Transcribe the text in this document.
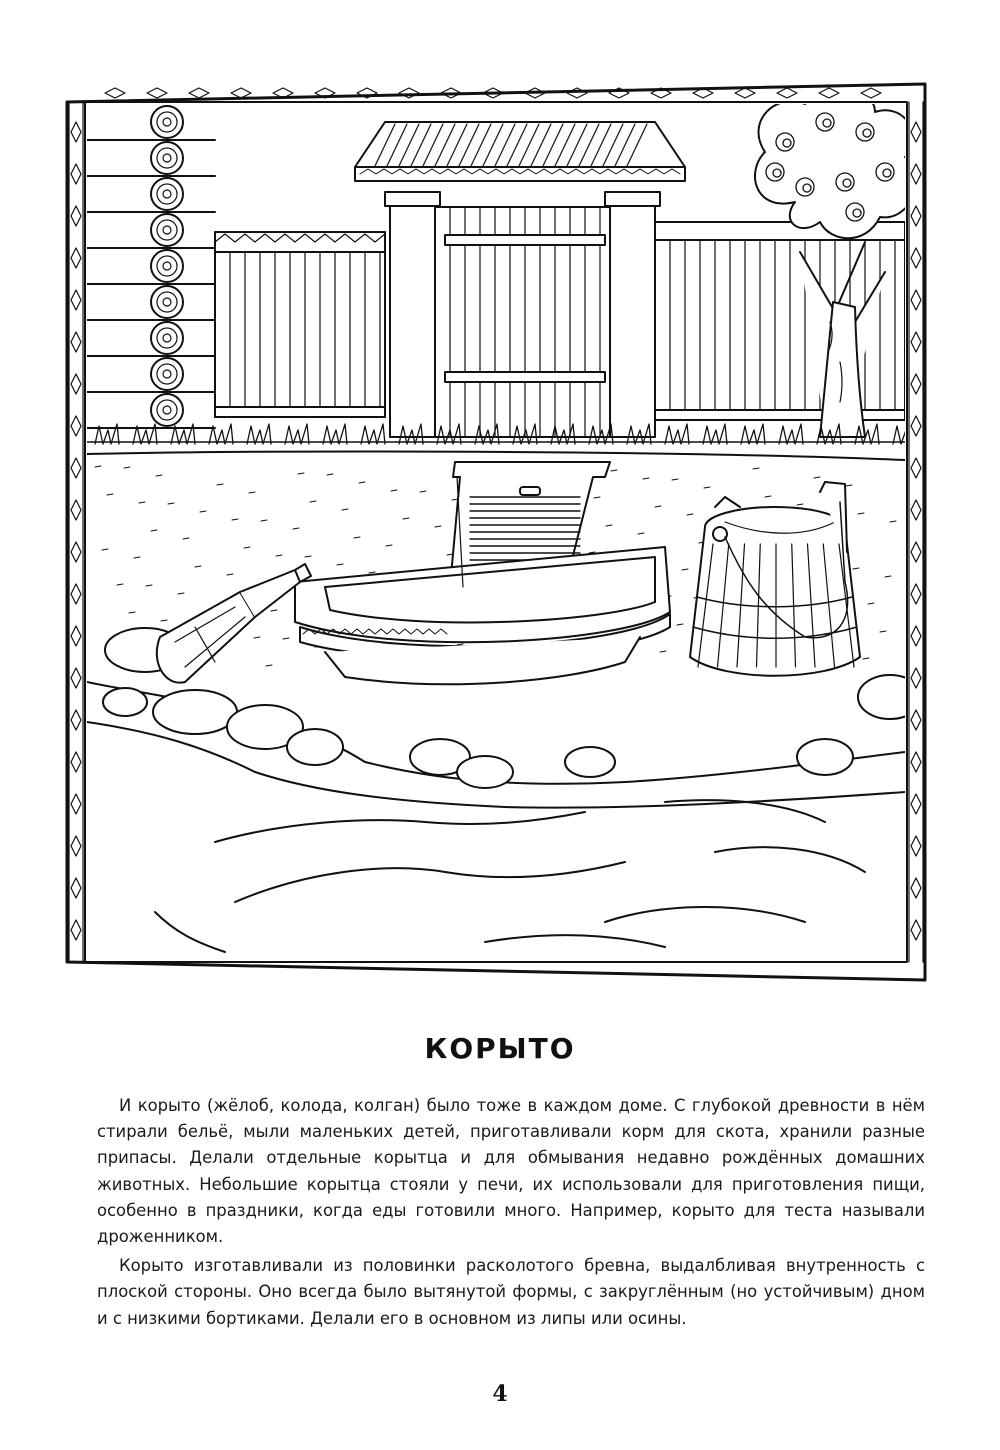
КОРЫТО

И корыто (жёлоб, колода, колган) было тоже в каждом доме. С глубокой древности в нём стирали бельё, мыли маленьких детей, приготавливали корм для скота, хранили разные припасы. Делали отдельные корытца и для обмывания недавно рождённых домашних животных. Небольшие корытца стояли у печи, их использовали для приготовления пищи, особенно в праздники, когда еды готовили много. Например, корыто для теста называли дроженником.

Корыто изготавливали из половинки расколотого бревна, выдалбливая внутренность с плоской стороны. Оно всегда было вытянутой формы, с закруглённым (но устойчивым) дном и с низкими бортиками. Делали его в основном из липы или осины.

4
